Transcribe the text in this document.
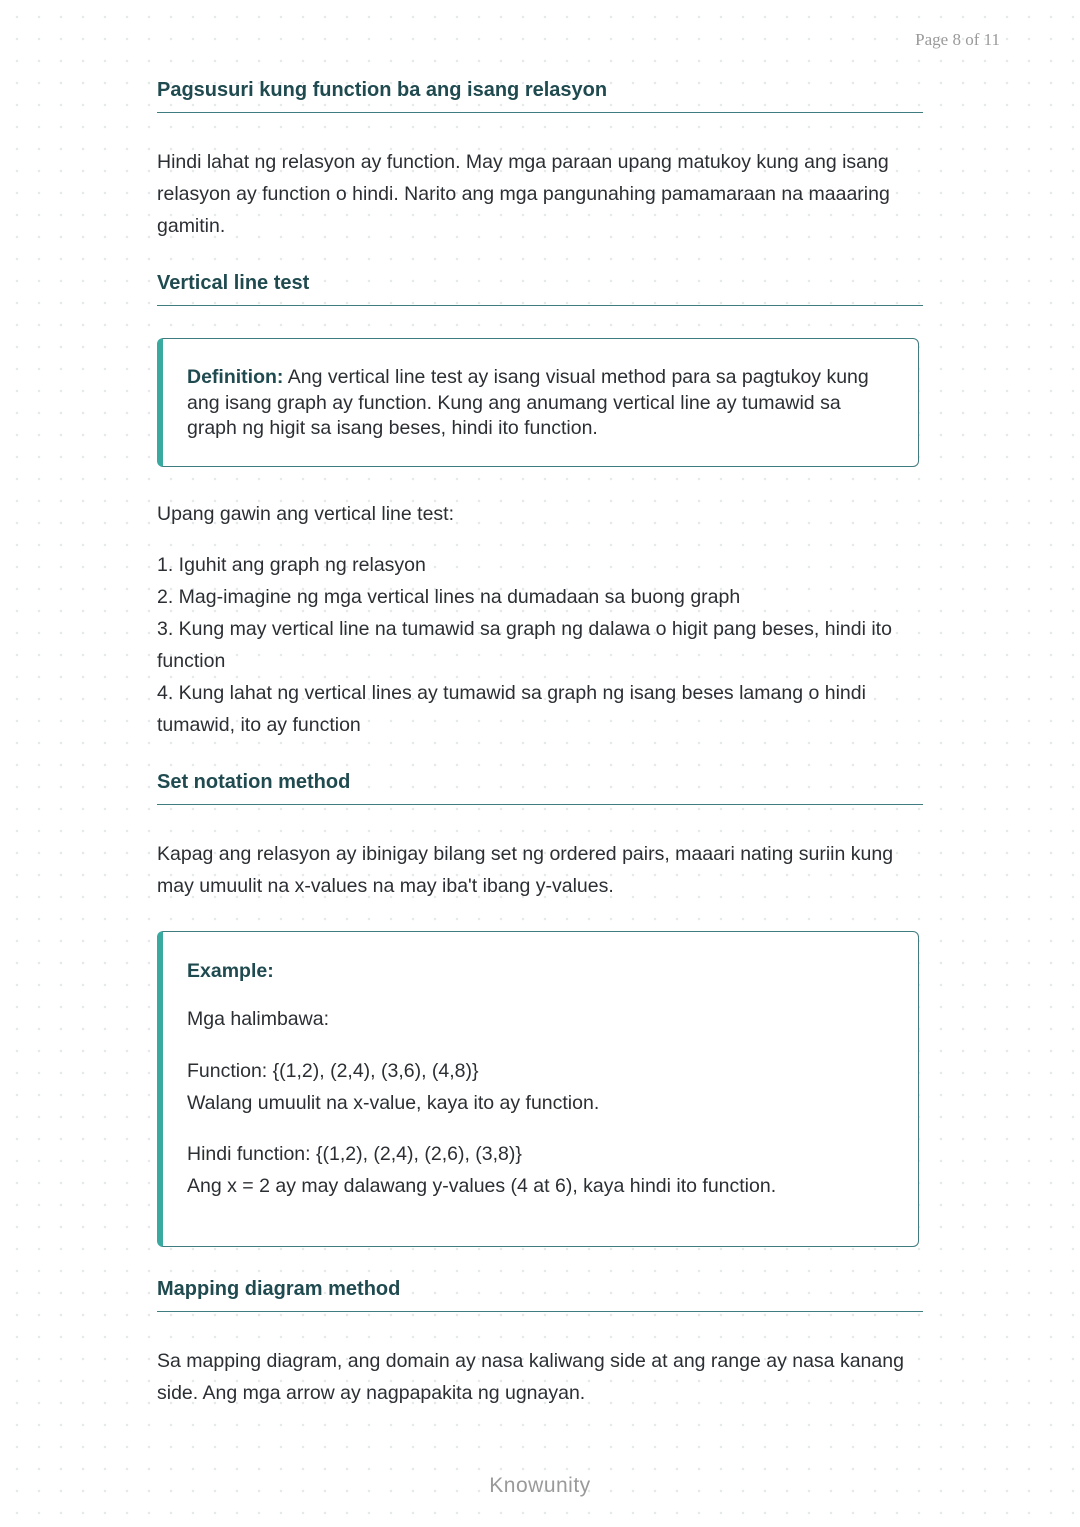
Page 8 of 11
Pagsusuri kung function ba ang isang relasyon

Hindi lahat ng relasyon ay function. May mga paraan upang matukoy kung ang isang relasyon ay function o hindi. Narito ang mga pangunahing pamamaraan na maaaring gamitin.

Vertical line test
Definition: Ang vertical line test ay isang visual method para sa pagtukoy kung ang isang graph ay function. Kung ang anumang vertical line ay tumawid sa graph ng higit sa isang beses, hindi ito function.

Upang gawin ang vertical line test:

1. Iguhit ang graph ng relasyon
2. Mag-imagine ng mga vertical lines na dumadaan sa buong graph
3. Kung may vertical line na tumawid sa graph ng dalawa o higit pang beses, hindi ito function
4. Kung lahat ng vertical lines ay tumawid sa graph ng isang beses lamang o hindi tumawid, ito ay function
Set notation method

Kapag ang relasyon ay ibinigay bilang set ng ordered pairs, maaari nating suriin kung may umuulit na x-values na may iba't ibang y-values.

Example:
Mga halimbawa:
Function: {(1,2), (2,4), (3,6), (4,8)}
Walang umuulit na x-value, kaya ito ay function.
Hindi function: {(1,2), (2,4), (2,6), (3,8)}
Ang x = 2 ay may dalawang y-values (4 at 6), kaya hindi ito function.
Mapping diagram method

Sa mapping diagram, ang domain ay nasa kaliwang side at ang range ay nasa kanang side. Ang mga arrow ay nagpapakita ng ugnayan.

Knowunity
